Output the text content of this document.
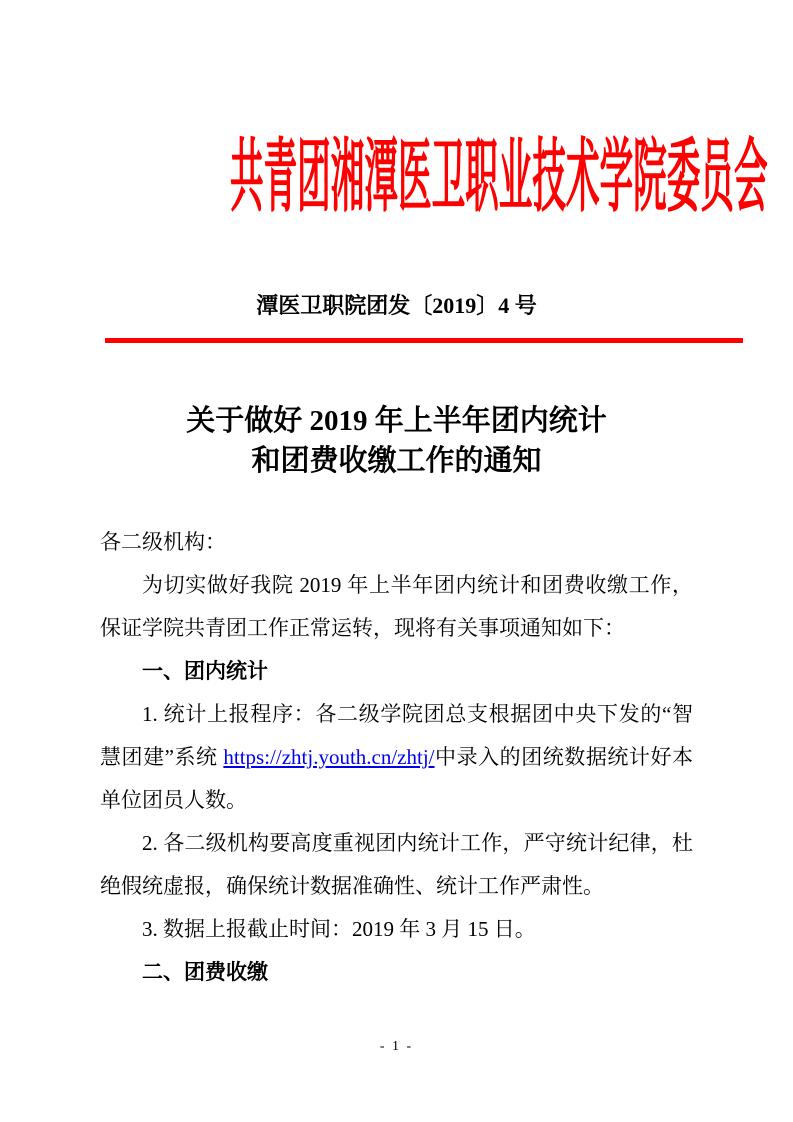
共青团湘潭医卫职业技术学院委员会
潭医卫职院团发〔2019〕4 号
关于做好 2019 年上半年团内统计
和团费收缴工作的通知

各二级机构：

为切实做好我院 2019 年上半年团内统计和团费收缴工作，保证学院共青团工作正常运转，现将有关事项通知如下：

一、团内统计

1. 统计上报程序：各二级学院团总支根据团中央下发的“智慧团建”系统 https://zhtj.youth.cn/zhtj/中录入的团统数据统计好本单位团员人数。

2. 各二级机构要高度重视团内统计工作，严守统计纪律，杜绝假统虚报，确保统计数据准确性、统计工作严肃性。

3. 数据上报截止时间：2019 年 3 月 15 日。

二、团费收缴

- 1 -
